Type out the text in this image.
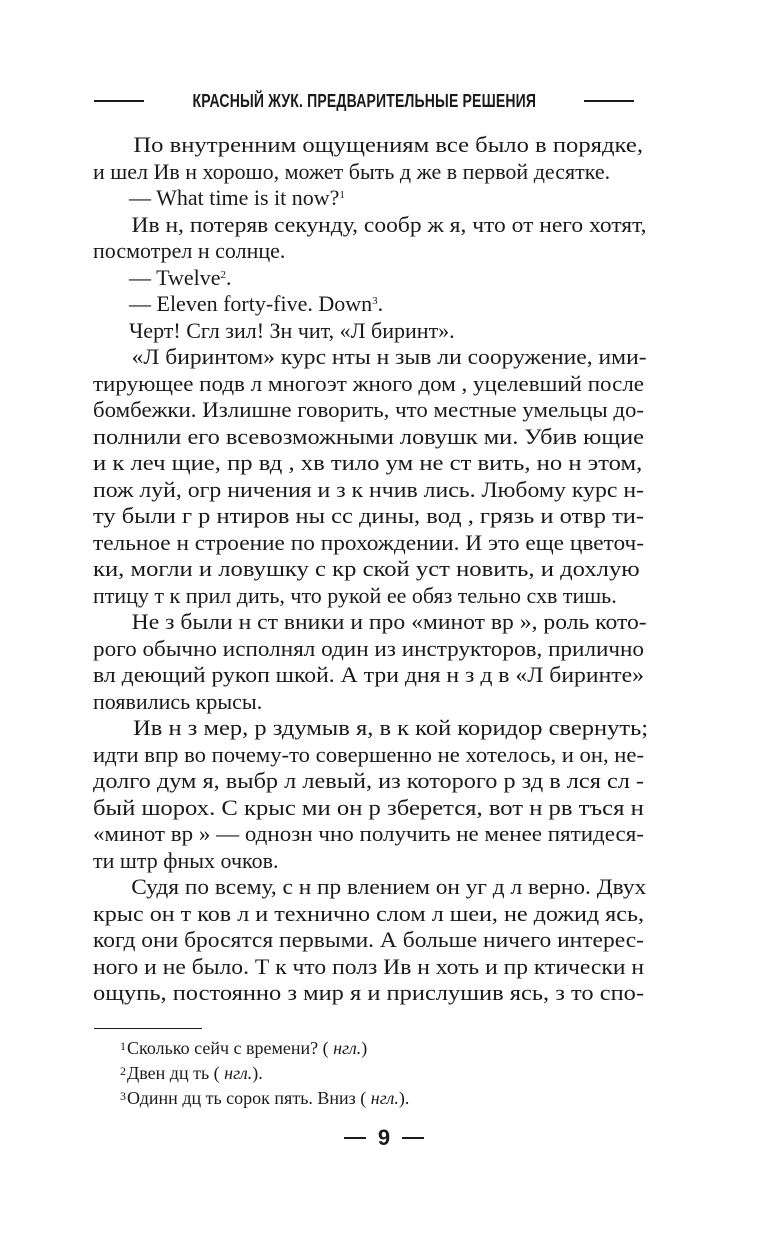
КРАСНЫЙ ЖУК. ПРЕДВАРИТЕЛЬНЫЕ РЕШЕНИЯ
По внутренним ощущениям все было в порядке,
и шел Ив н хорошо, может быть д же в первой десятке.
— What time is it now?$^1$
Ив н, потеряв секунду, сообр ж я, что от него хотят,
посмотрел н солнце.
— Twelve$^2$.
— Eleven forty-five. Down$^3$.
Черт! Сгл зил! Зн чит, «Л биринт».
«Л биринтом» курс нты н зыв ли сооружение, ими-
тирующее подв л многоэт жного дом , уцелевший после
бомбежки. Излишне говорить, что местные умельцы до-
полнили его всевозможными ловушк ми. Убив ющие
и к леч щие, пр вд , хв тило ум не ст вить, но н этом,
пож луй, огр ничения и з к нчив лись. Любому курс н-
ту были г р нтиров ны сс дины, вод , грязь и отвр ти-
тельное н строение по прохождении. И это еще цветоч-
ки, могли и ловушку с кр ской уст новить, и дохлую
птицу т к прил дить, что рукой ее обяз тельно схв тишь.
Не з были н ст вники и про «минот вр », роль кото-
рого обычно исполнял один из инструкторов, прилично
вл деющий рукоп шкой. А три дня н з д в «Л биринте»
появились крысы.
Ив н з мер, р здумыв я, в к кой коридор свернуть;
идти впр во почему-то совершенно не хотелось, и он, не-
долго дум я, выбр л левый, из которого р зд в лся сл -
бый шорох. С крыс ми он р зберется, вот н рв тъся н
«минот вр » — однозн чно получить не менее пятидеся-
ти штр фных очков.
Судя по всему, с н пр влением он уг д л верно. Двух
крыс он т ков л и технично слом л шеи, не дожид ясь,
когд они бросятся первыми. А больше ничего интерес-
ного и не было. Т к что полз Ив н хоть и пр ктически н
ощупь, постоянно з мир я и прислушив ясь, з то спо-
$^1$Сколько сейч с времени? ( нгл.)
$^2$Двен дц ть ( нгл.).
$^3$Одинн дц ть сорок пять. Вниз ( нгл.).
9
